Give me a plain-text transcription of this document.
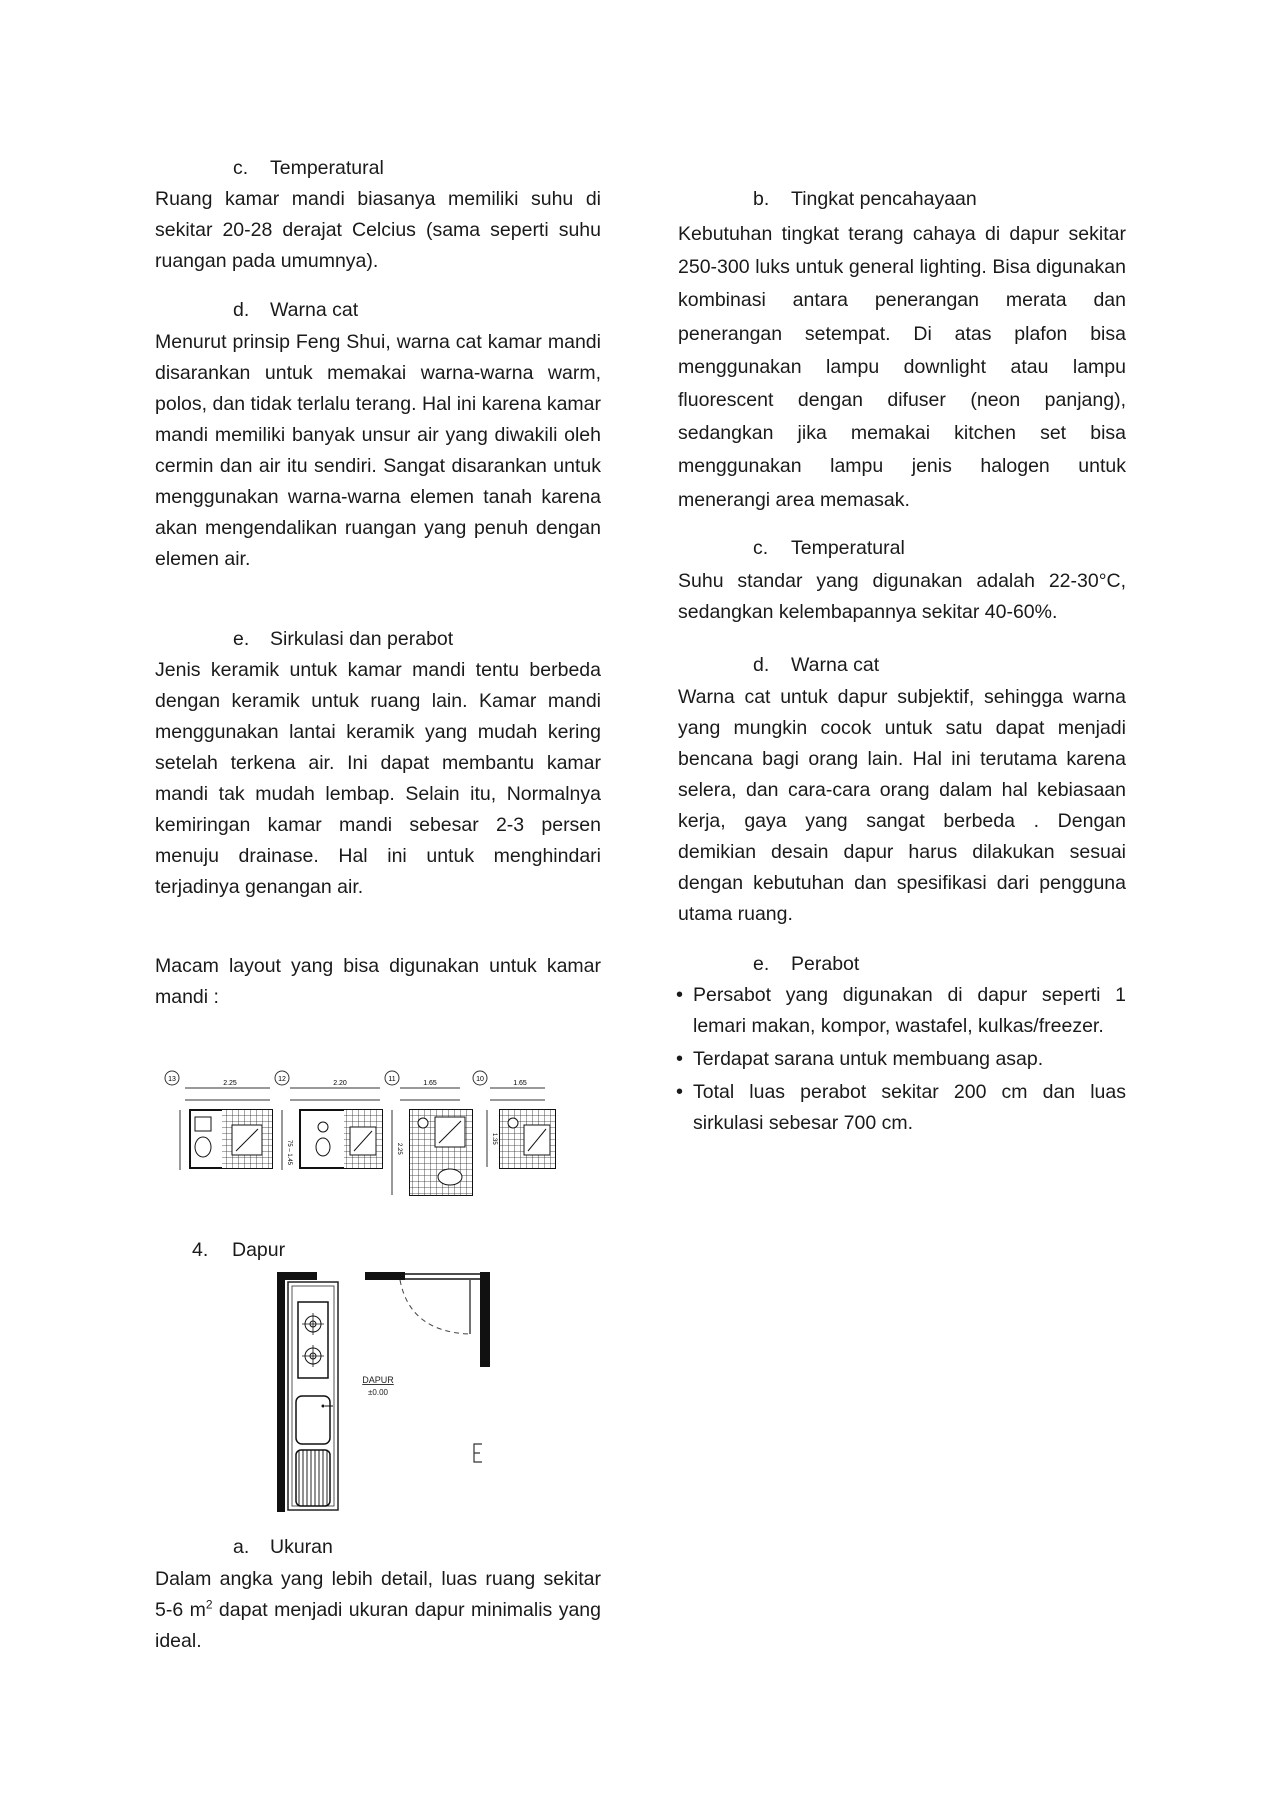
c. Temperatural
Ruang kamar mandi biasanya memiliki suhu di sekitar 20-28 derajat Celcius (sama seperti suhu ruangan pada umumnya).
d. Warna cat
Menurut prinsip Feng Shui, warna cat kamar mandi disarankan untuk memakai warna-warna warm, polos, dan tidak terlalu terang. Hal ini karena kamar mandi memiliki banyak unsur air yang diwakili oleh cermin dan air itu sendiri. Sangat disarankan untuk menggunakan warna-warna elemen tanah karena akan mengendalikan ruangan yang penuh dengan elemen air.
e. Sirkulasi dan perabot
Jenis keramik untuk kamar mandi tentu berbeda dengan keramik untuk ruang lain. Kamar mandi menggunakan lantai keramik yang mudah kering setelah terkena air. Ini dapat membantu kamar mandi tak mudah lembap. Selain itu, Normalnya kemiringan kamar mandi sebesar 2-3 persen menuju drainase. Hal ini untuk menghindari terjadinya genangan air.
Macam layout yang bisa digunakan untuk kamar mandi :
13
2.25
12
2.20
75 – 1.45
11
1.65
2.25
10
1.65
1.35
4. Dapur
DAPUR
±0.00
a. Ukuran
Dalam angka yang lebih detail, luas ruang sekitar 5-6 $m^2$ dapat menjadi ukuran dapur minimalis yang ideal.
b. Tingkat pencahayaan
Kebutuhan tingkat terang cahaya di dapur sekitar 250-300 luks untuk general lighting. Bisa digunakan kombinasi antara penerangan merata dan penerangan setempat. Di atas plafon bisa menggunakan lampu downlight atau lampu fluorescent dengan difuser (neon panjang), sedangkan jika memakai kitchen set bisa menggunakan lampu jenis halogen untuk menerangi area memasak.
c. Temperatural
Suhu standar yang digunakan adalah 22-30°C, sedangkan kelembapannya sekitar 40-60%.
d. Warna cat
Warna cat untuk dapur subjektif, sehingga warna yang mungkin cocok untuk satu dapat menjadi bencana bagi orang lain. Hal ini terutama karena selera, dan cara-cara orang dalam hal kebiasaan kerja, gaya yang sangat berbeda . Dengan demikian desain dapur harus dilakukan sesuai dengan kebutuhan dan spesifikasi dari pengguna utama ruang.
e. Perabot
• Persabot yang digunakan di dapur seperti 1 lemari makan, kompor, wastafel, kulkas/freezer.
• Terdapat sarana untuk membuang asap.
• Total luas perabot sekitar 200 cm dan luas sirkulasi sebesar 700 cm.
